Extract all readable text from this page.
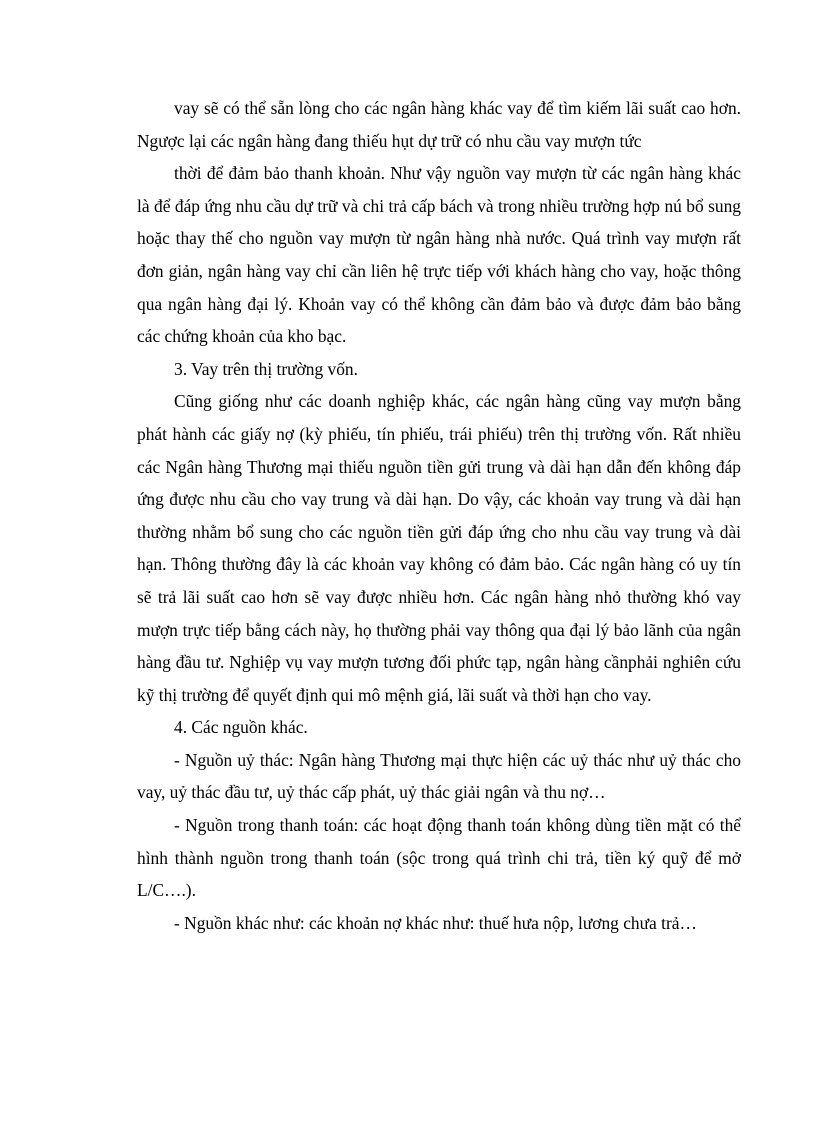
vay sẽ có thể sẵn lòng cho các ngân hàng khác vay để tìm kiếm lãi suất cao hơn. Ngược lại các ngân hàng đang thiếu hụt dự trữ có nhu cầu vay mượn tức

thời để đảm bảo thanh khoản. Như vậy nguồn vay mượn từ các ngân hàng khác là để đáp ứng nhu cầu dự trữ và chi trả cấp bách và trong nhiều trường hợp nú bổ sung hoặc thay thế cho nguồn vay mượn từ ngân hàng nhà nước. Quá trình vay mượn rất đơn giản, ngân hàng vay chỉ cần liên hệ trực tiếp với khách hàng cho vay, hoặc thông qua ngân hàng đại lý. Khoản vay có thể không cần đảm bảo và được đảm bảo bằng các chứng khoản của kho bạc.

3. Vay trên thị trường vốn.

Cũng giống như các doanh nghiệp khác, các ngân hàng cũng vay mượn bằng phát hành các giấy nợ (kỳ phiếu, tín phiếu, trái phiếu) trên thị trường vốn. Rất nhiều các Ngân hàng Thương mại thiếu nguồn tiền gửi trung và dài hạn dẫn đến không đáp ứng được nhu cầu cho vay trung và dài hạn. Do vậy, các khoản vay trung và dài hạn thường nhằm bổ sung cho các nguồn tiền gửi đáp ứng cho nhu cầu vay trung và dài hạn. Thông thường đây là các khoản vay không có đảm bảo. Các ngân hàng có uy tín sẽ trả lãi suất cao hơn sẽ vay được nhiều hơn. Các ngân hàng nhỏ thường khó vay mượn trực tiếp bằng cách này, họ thường phải vay thông qua đại lý bảo lãnh của ngân hàng đầu tư. Nghiệp vụ vay mượn tương đối phức tạp, ngân hàng cầnphải nghiên cứu kỹ thị trường để quyết định qui mô mệnh giá, lãi suất và thời hạn cho vay.

4. Các nguồn khác.

- Nguồn uỷ thác: Ngân hàng Thương mại thực hiện các uỷ thác như uỷ thác cho vay, uỷ thác đầu tư, uỷ thác cấp phát, uỷ thác giải ngân và thu nợ…

- Nguồn trong thanh toán: các hoạt động thanh toán không dùng tiền mặt có thể hình thành nguồn trong thanh toán (sộc trong quá trình chi trả, tiền ký quỹ để mở L/C….).

- Nguồn khác như: các khoản nợ khác như: thuế hưa nộp, lương chưa trả…
